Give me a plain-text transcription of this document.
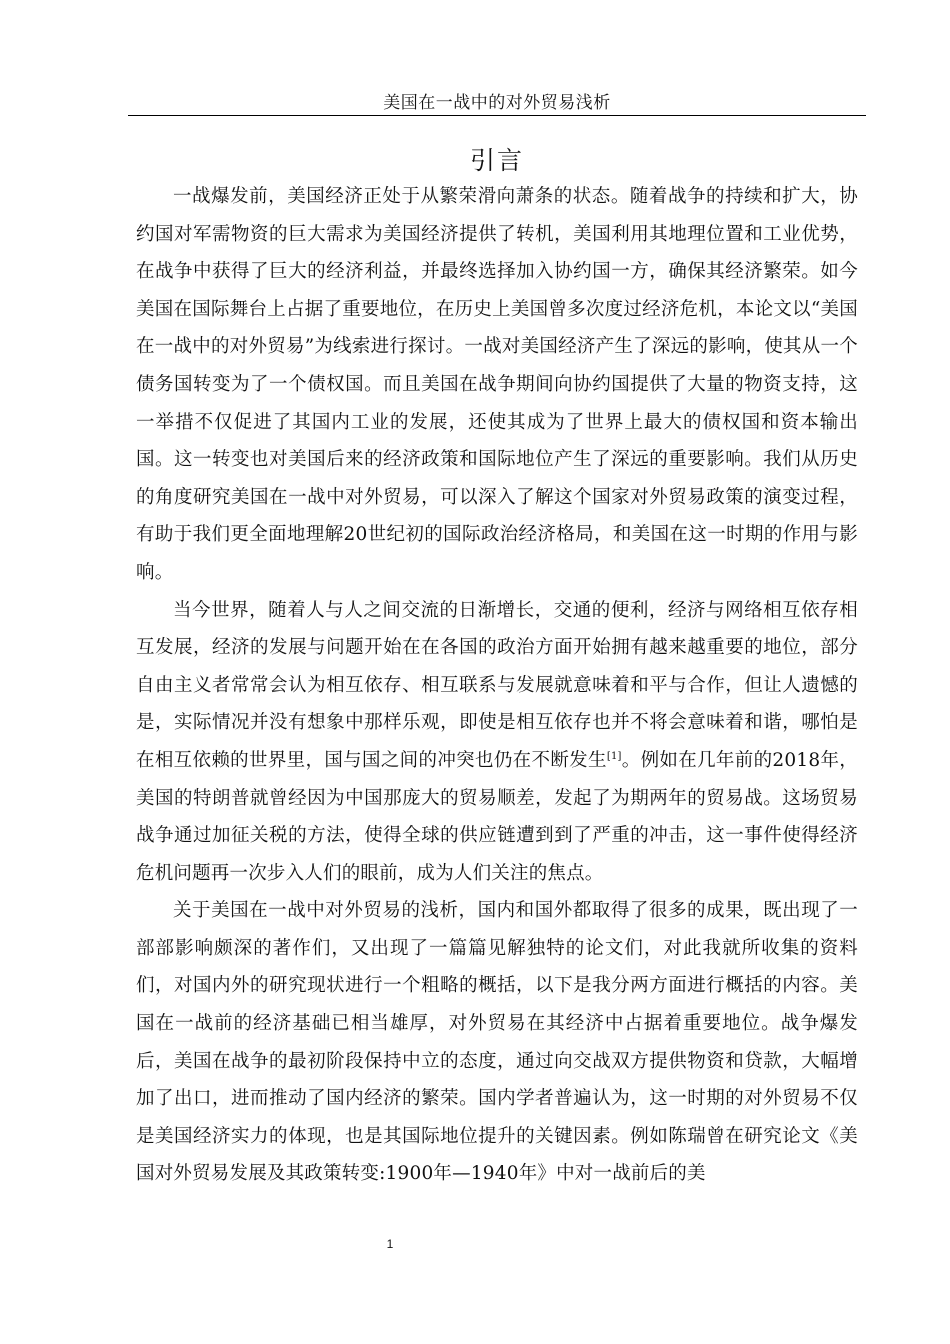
美国在一战中的对外贸易浅析
引言

一战爆发前，美国经济正处于从繁荣滑向萧条的状态。随着战争的持续和扩大，协约国对军需物资的巨大需求为美国经济提供了转机，美国利用其地理位置和工业优势，在战争中获得了巨大的经济利益，并最终选择加入协约国一方，确保其经济繁荣。如今美国在国际舞台上占据了重要地位，在历史上美国曾多次度过经济危机，本论文以“美国在一战中的对外贸易”为线索进行探讨。一战对美国经济产生了深远的影响，使其从一个债务国转变为了一个债权国。而且美国在战争期间向协约国提供了大量的物资支持，这一举措不仅促进了其国内工业的发展，还使其成为了世界上最大的债权国和资本输出国。这一转变也对美国后来的经济政策和国际地位产生了深远的重要影响。我们从历史的角度研究美国在一战中对外贸易，可以深入了解这个国家对外贸易政策的演变过程，有助于我们更全面地理解20世纪初的国际政治经济格局，和美国在这一时期的作用与影响。

当今世界，随着人与人之间交流的日渐增长，交通的便利，经济与网络相互依存相互发展，经济的发展与问题开始在在各国的政治方面开始拥有越来越重要的地位，部分自由主义者常常会认为相互依存、相互联系与发展就意味着和平与合作，但让人遗憾的是，实际情况并没有想象中那样乐观，即使是相互依存也并不将会意味着和谐，哪怕是在相互依赖的世界里，国与国之间的冲突也仍在不断发生[1]。例如在几年前的2018年，美国的特朗普就曾经因为中国那庞大的贸易顺差，发起了为期两年的贸易战。这场贸易战争通过加征关税的方法，使得全球的供应链遭到到了严重的冲击，这一事件使得经济危机问题再一次步入人们的眼前，成为人们关注的焦点。

关于美国在一战中对外贸易的浅析，国内和国外都取得了很多的成果，既出现了一部部影响颇深的著作们，又出现了一篇篇见解独特的论文们，对此我就所收集的资料们，对国内外的研究现状进行一个粗略的概括，以下是我分两方面进行概括的内容。美国在一战前的经济基础已相当雄厚，对外贸易在其经济中占据着重要地位。战争爆发后，美国在战争的最初阶段保持中立的态度，通过向交战双方提供物资和贷款，大幅增加了出口，进而推动了国内经济的繁荣。国内学者普遍认为，这一时期的对外贸易不仅是美国经济实力的体现，也是其国际地位提升的关键因素。例如陈瑞曾在研究论文《美国对外贸易发展及其政策转变:1900年—1940年》中对一战前后的美

1
